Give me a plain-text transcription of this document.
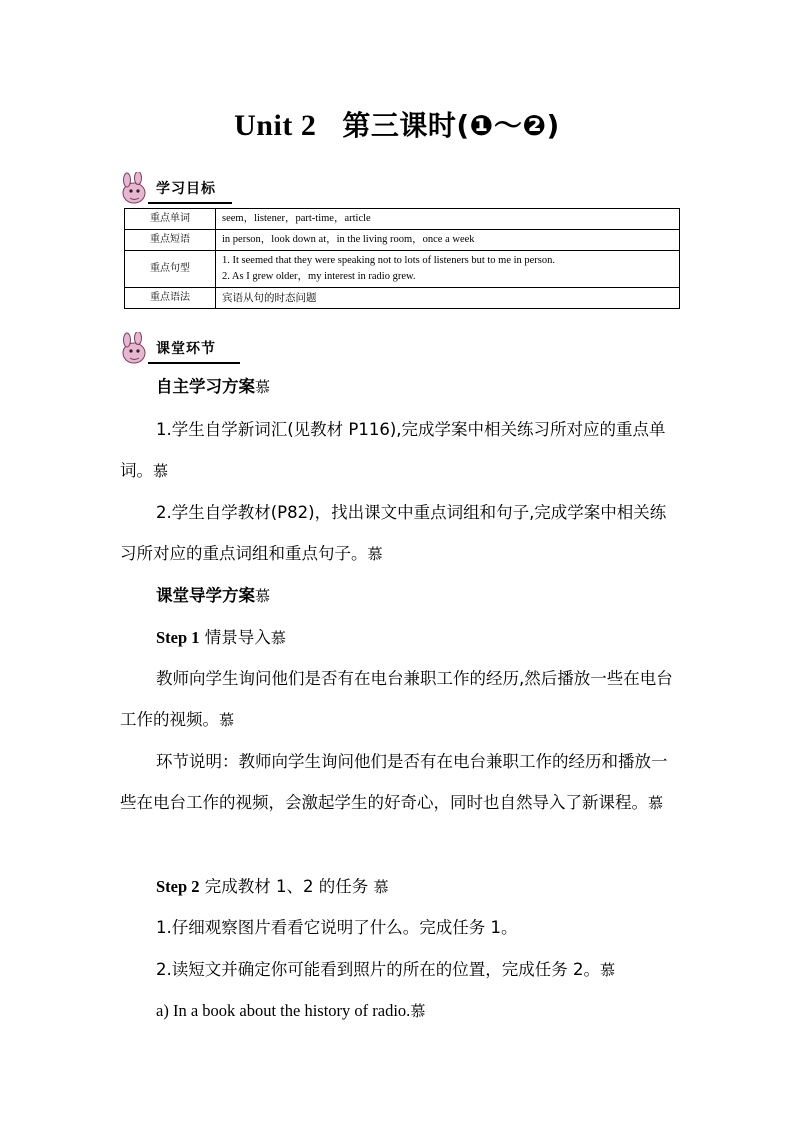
Unit 2 第三课时(❶～❷)
学习目标
重点单词	seem，listener，part-time，article
重点短语	in person，look down at，in the living room，once a week
重点句型	1. It seemed that they were speaking not to lots of listeners but to me in person.
2. As I grew older，my interest in radio grew.

重点语法	宾语从句的时态问题
课堂环节
自主学习方案慕
1.学生自学新词汇(见教材 P116),完成学案中相关练习所对应的重点单词。慕
2.学生自学教材(P82)，找出课文中重点词组和句子,完成学案中相关练习所对应的重点词组和重点句子。慕
课堂导学方案慕
Step 1 情景导入慕
教师向学生询问他们是否有在电台兼职工作的经历,然后播放一些在电台工作的视频。慕
环节说明：教师向学生询问他们是否有在电台兼职工作的经历和播放一些在电台工作的视频，会激起学生的好奇心，同时也自然导入了新课程。慕
Step 2 完成教材 1、2 的任务 慕
1.仔细观察图片看看它说明了什么。完成任务 1。
2.读短文并确定你可能看到照片的所在的位置，完成任务 2。慕
a) In a book about the history of radio.慕
